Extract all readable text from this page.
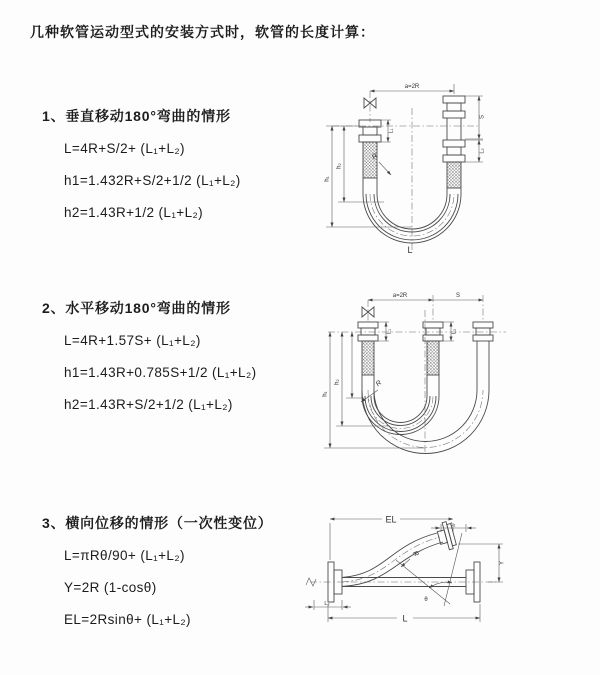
几种软管运动型式的安装方式时，软管的长度计算：
1、垂直移动180°弯曲的情形
L=4R+S/2+ (L₁+L₂)
h1=1.432R+S/2+1/2 (L₁+L₂)
h2=1.43R+1/2 (L₁+L₂)
2、水平移动180°弯曲的情形
L=4R+1.57S+ (L₁+L₂)
h1=1.43R+0.785S+1/2 (L₁+L₂)
h2=1.43R+S/2+1/2 (L₁+L₂)
3、横向位移的情形（一次性变位）
L=πRθ/90+ (L₁+L₂)
Y=2R (1-cosθ)
EL=2Rsinθ+ (L₁+L₂)
a=2R
S
L₂
L₁
h₂
h₁
R
L
a=2R	S
L₁	L₂
h₁
h₂	R
θ
R
EL
L₁
Y
L₂
L
